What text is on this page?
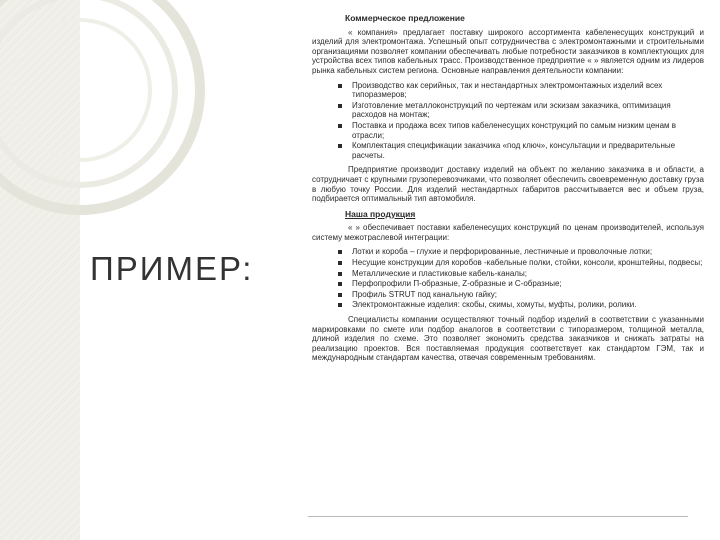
ПРИМЕР:
Коммерческое предложение

« компания» предлагает поставку широкого ассортимента кабеленесущих конструкций и изделий для электромонтажа. Успешный опыт сотрудничества с электромонтажными и строительными организациями позволяет компании обеспечивать любые потребности заказчиков в комплектующих для устройства всех типов кабельных трасс. Производственное предприятие « » является одним из лидеров рынка кабельных систем региона. Основные направления деятельности компании:

Производство как серийных, так и нестандартных электромонтажных изделий всех типоразмеров;
Изготовление металлоконструкций по чертежам или эскизам заказчика, оптимизация расходов на монтаж;
Поставка и продажа всех типов кабеленесущих конструкций по самым низким ценам в отрасли;
Комплектация спецификации заказчика «под ключ», консультации и предварительные расчеты.

Предприятие производит доставку изделий на объект по желанию заказчика в и области, а сотрудничает с крупными грузоперевозчиками, что позволяет обеспечить своевременную доставку груза в любую точку России. Для изделий нестандартных габаритов рассчитывается вес и объем груза, подбирается оптимальный тип автомобиля.

Наша продукция

« » обеспечивает поставки кабеленесущих конструкций по ценам производителей, используя систему межотраслевой интеграции:

Лотки и короба – глухие и перфорированные, лестничные и проволочные лотки;
Несущие конструкции для коробов -кабельные полки, стойки, консоли, кронштейны, подвесы;
Металлические и пластиковые кабель-каналы;
Перфопрофили П-образные, Z-образные и С-образные;
Профиль STRUT под канальную гайку;
Электромонтажные изделия: скобы, скимы, хомуты, муфты, ролики, ролики.

Специалисты компании осуществляют точный подбор изделий в соответствии с указанными маркировками по смете или подбор аналогов в соответствии с типоразмером, толщиной металла, длиной изделия по схеме. Это позволяет экономить средства заказчиков и снижать затраты на реализацию проектов. Вся поставляемая продукция соответствует как стандартом ГЭМ, так и международным стандартам качества, отвечая современным требованиям.
